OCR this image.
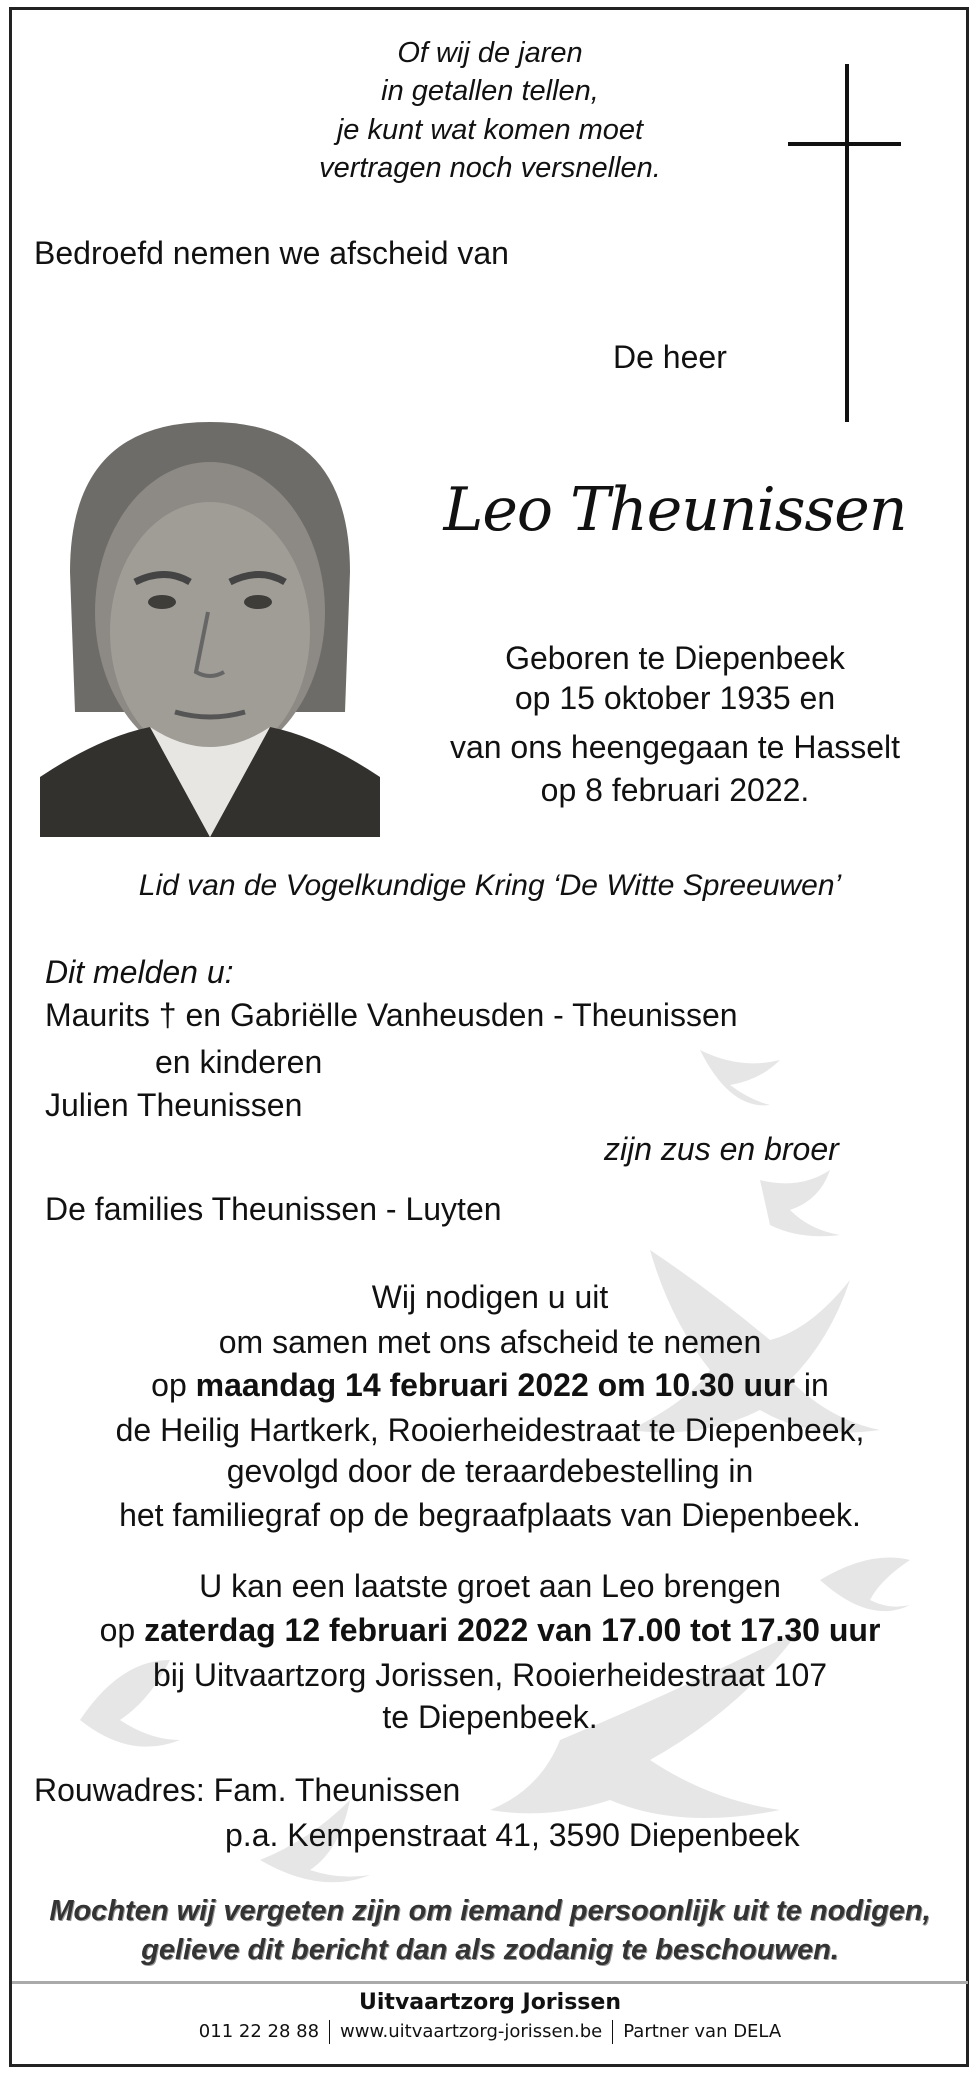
Of wij de jaren
in getallen tellen,
je kunt wat komen moet
vertragen noch versnellen.
Bedroefd nemen we afscheid van
De heer
Leo Theunissen
Geboren te Diepenbeek
op 15 oktober 1935 en
van ons heengegaan te Hasselt
op 8 februari 2022.
Lid van de Vogelkundige Kring ‘De Witte Spreeuwen’
Dit melden u:
Maurits † en Gabriëlle Vanheusden - Theunissen
en kinderen
Julien Theunissen
zijn zus en broer
De families Theunissen - Luyten
Wij nodigen u uit
om samen met ons afscheid te nemen
op maandag 14 februari 2022 om 10.30 uur in
de Heilig Hartkerk, Rooierheidestraat te Diepenbeek,
gevolgd door de teraardebestelling in
het familiegraf op de begraafplaats van Diepenbeek.
U kan een laatste groet aan Leo brengen
op zaterdag 12 februari 2022 van 17.00 tot 17.30 uur
bij Uitvaartzorg Jorissen, Rooierheidestraat 107
te Diepenbeek.
Rouwadres: Fam. Theunissen
p.a. Kempenstraat 41, 3590 Diepenbeek
Mochten wij vergeten zijn om iemand persoonlijk uit te nodigen,
gelieve dit bericht dan als zodanig te beschouwen.
Uitvaartzorg Jorissen
011 22 28 88 www.uitvaartzorg-jorissen.be Partner van DELA
